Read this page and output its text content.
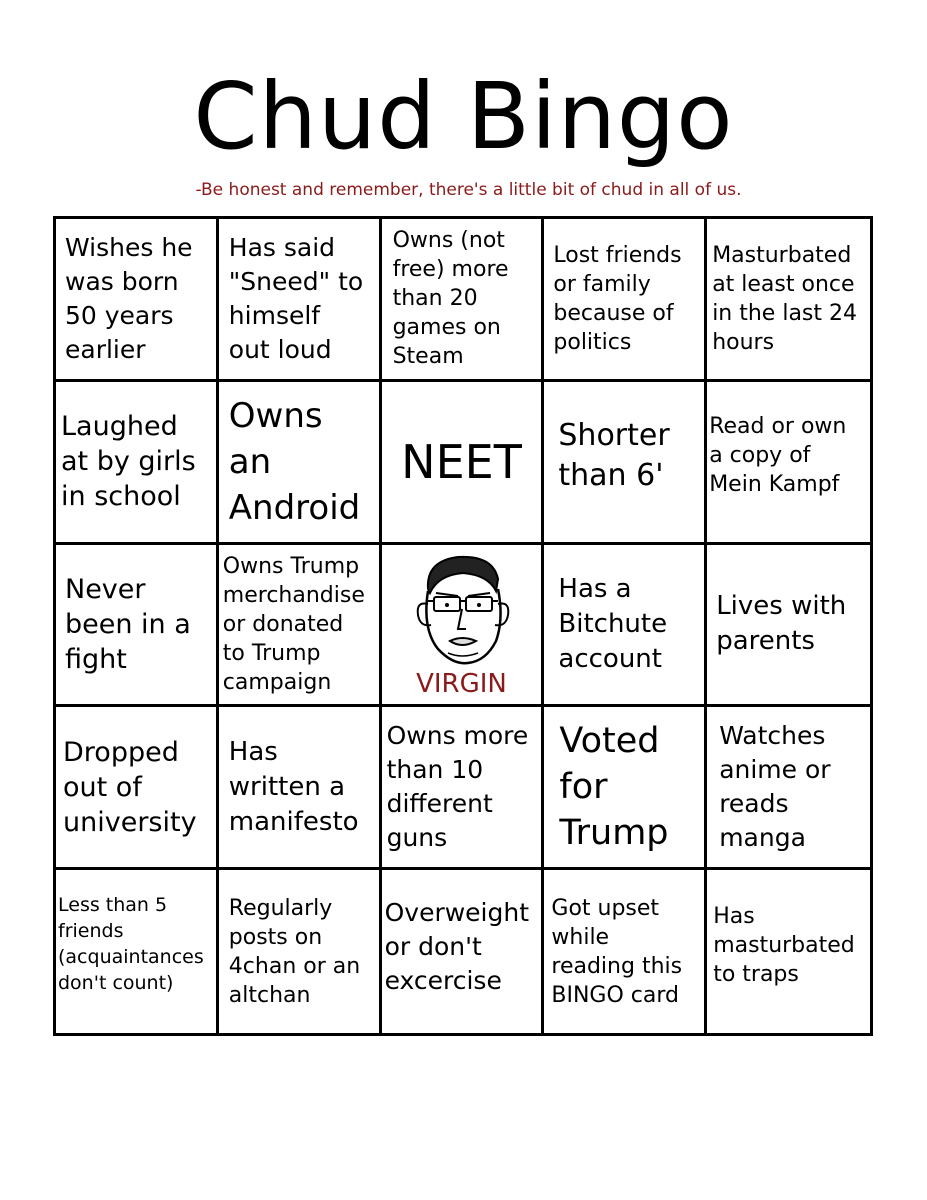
Chud Bingo
-Be honest and remember, there's a little bit of chud in all of us.
Wishes he
was born
50 years
earlier
Has said
"Sneed" to
himself
out loud
Owns (not
free) more
than 20
games on
Steam
Lost friends
or family
because of
politics
Masturbated
at least once
in the last 24
hours
Laughed
at by girls
in school
Owns
an
Android
NEET Shorter
than 6'
Read or own
a copy of
Mein Kampf
Never
been in a
fight
Owns Trump
merchandise
or donated
to Trump
campaign	VIRGIN
Has a
Bitchute
account
Lives with
parents
Dropped
out of
university
Has
written a
manifesto
Owns more
than 10
different
guns
Voted
for
Trump
Watches
anime or
reads
manga
Less than 5
friends
(acquaintances
don't count)
Regularly
posts on
4chan or an
altchan
Overweight
or don't
excercise
Got upset
while
reading this
BINGO card
Has
masturbated
to traps
